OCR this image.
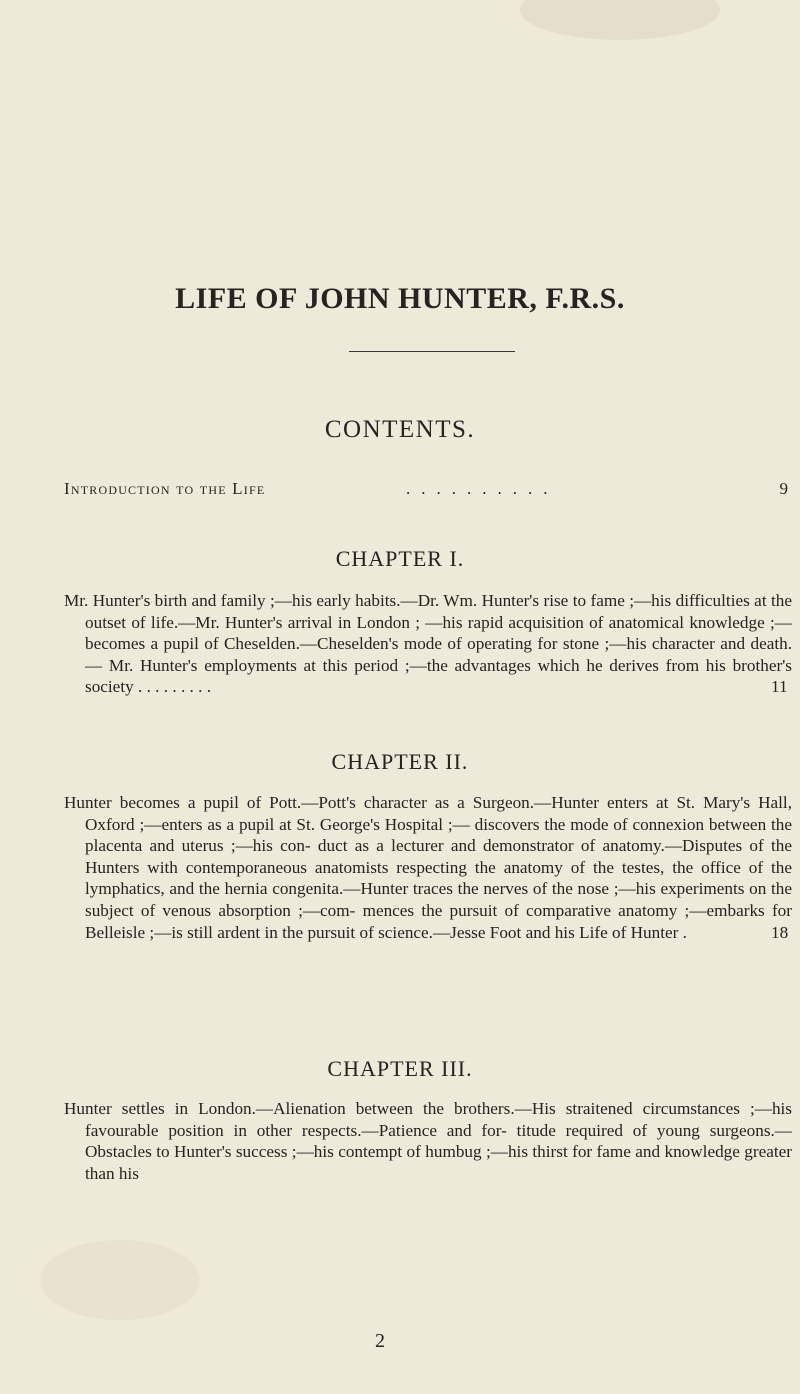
LIFE OF JOHN HUNTER, F.R.S.
CONTENTS.
Introduction to the Life	..........	9
CHAPTER I.

Mr. Hunter's birth and family ;—his early habits.—Dr. Wm. Hunter's rise to fame ;—his difficulties at the outset of life.—Mr. Hunter's arrival in London ; —his rapid acquisition of anatomical knowledge ;—becomes a pupil of Cheselden.—Cheselden's mode of operating for stone ;—his character and death.— Mr. Hunter's employments at this period ;—the advantages which he derives from his brother's society . . . . . . . . .	11

CHAPTER II.

Hunter becomes a pupil of Pott.—Pott's character as a Surgeon.—Hunter enters at St. Mary's Hall, Oxford ;—enters as a pupil at St. George's Hospital ;— discovers the mode of connexion between the placenta and uterus ;—his con- duct as a lecturer and demonstrator of anatomy.—Disputes of the Hunters with contemporaneous anatomists respecting the anatomy of the testes, the office of the lymphatics, and the hernia congenita.—Hunter traces the nerves of the nose ;—his experiments on the subject of venous absorption ;—com- mences the pursuit of comparative anatomy ;—embarks for Belleisle ;—is still ardent in the pursuit of science.—Jesse Foot and his Life of Hunter .	18

CHAPTER III.

Hunter settles in London.—Alienation between the brothers.—His straitened circumstances ;—his favourable position in other respects.—Patience and for- titude required of young surgeons.—Obstacles to Hunter's success ;—his contempt of humbug ;—his thirst for fame and knowledge greater than his

2
